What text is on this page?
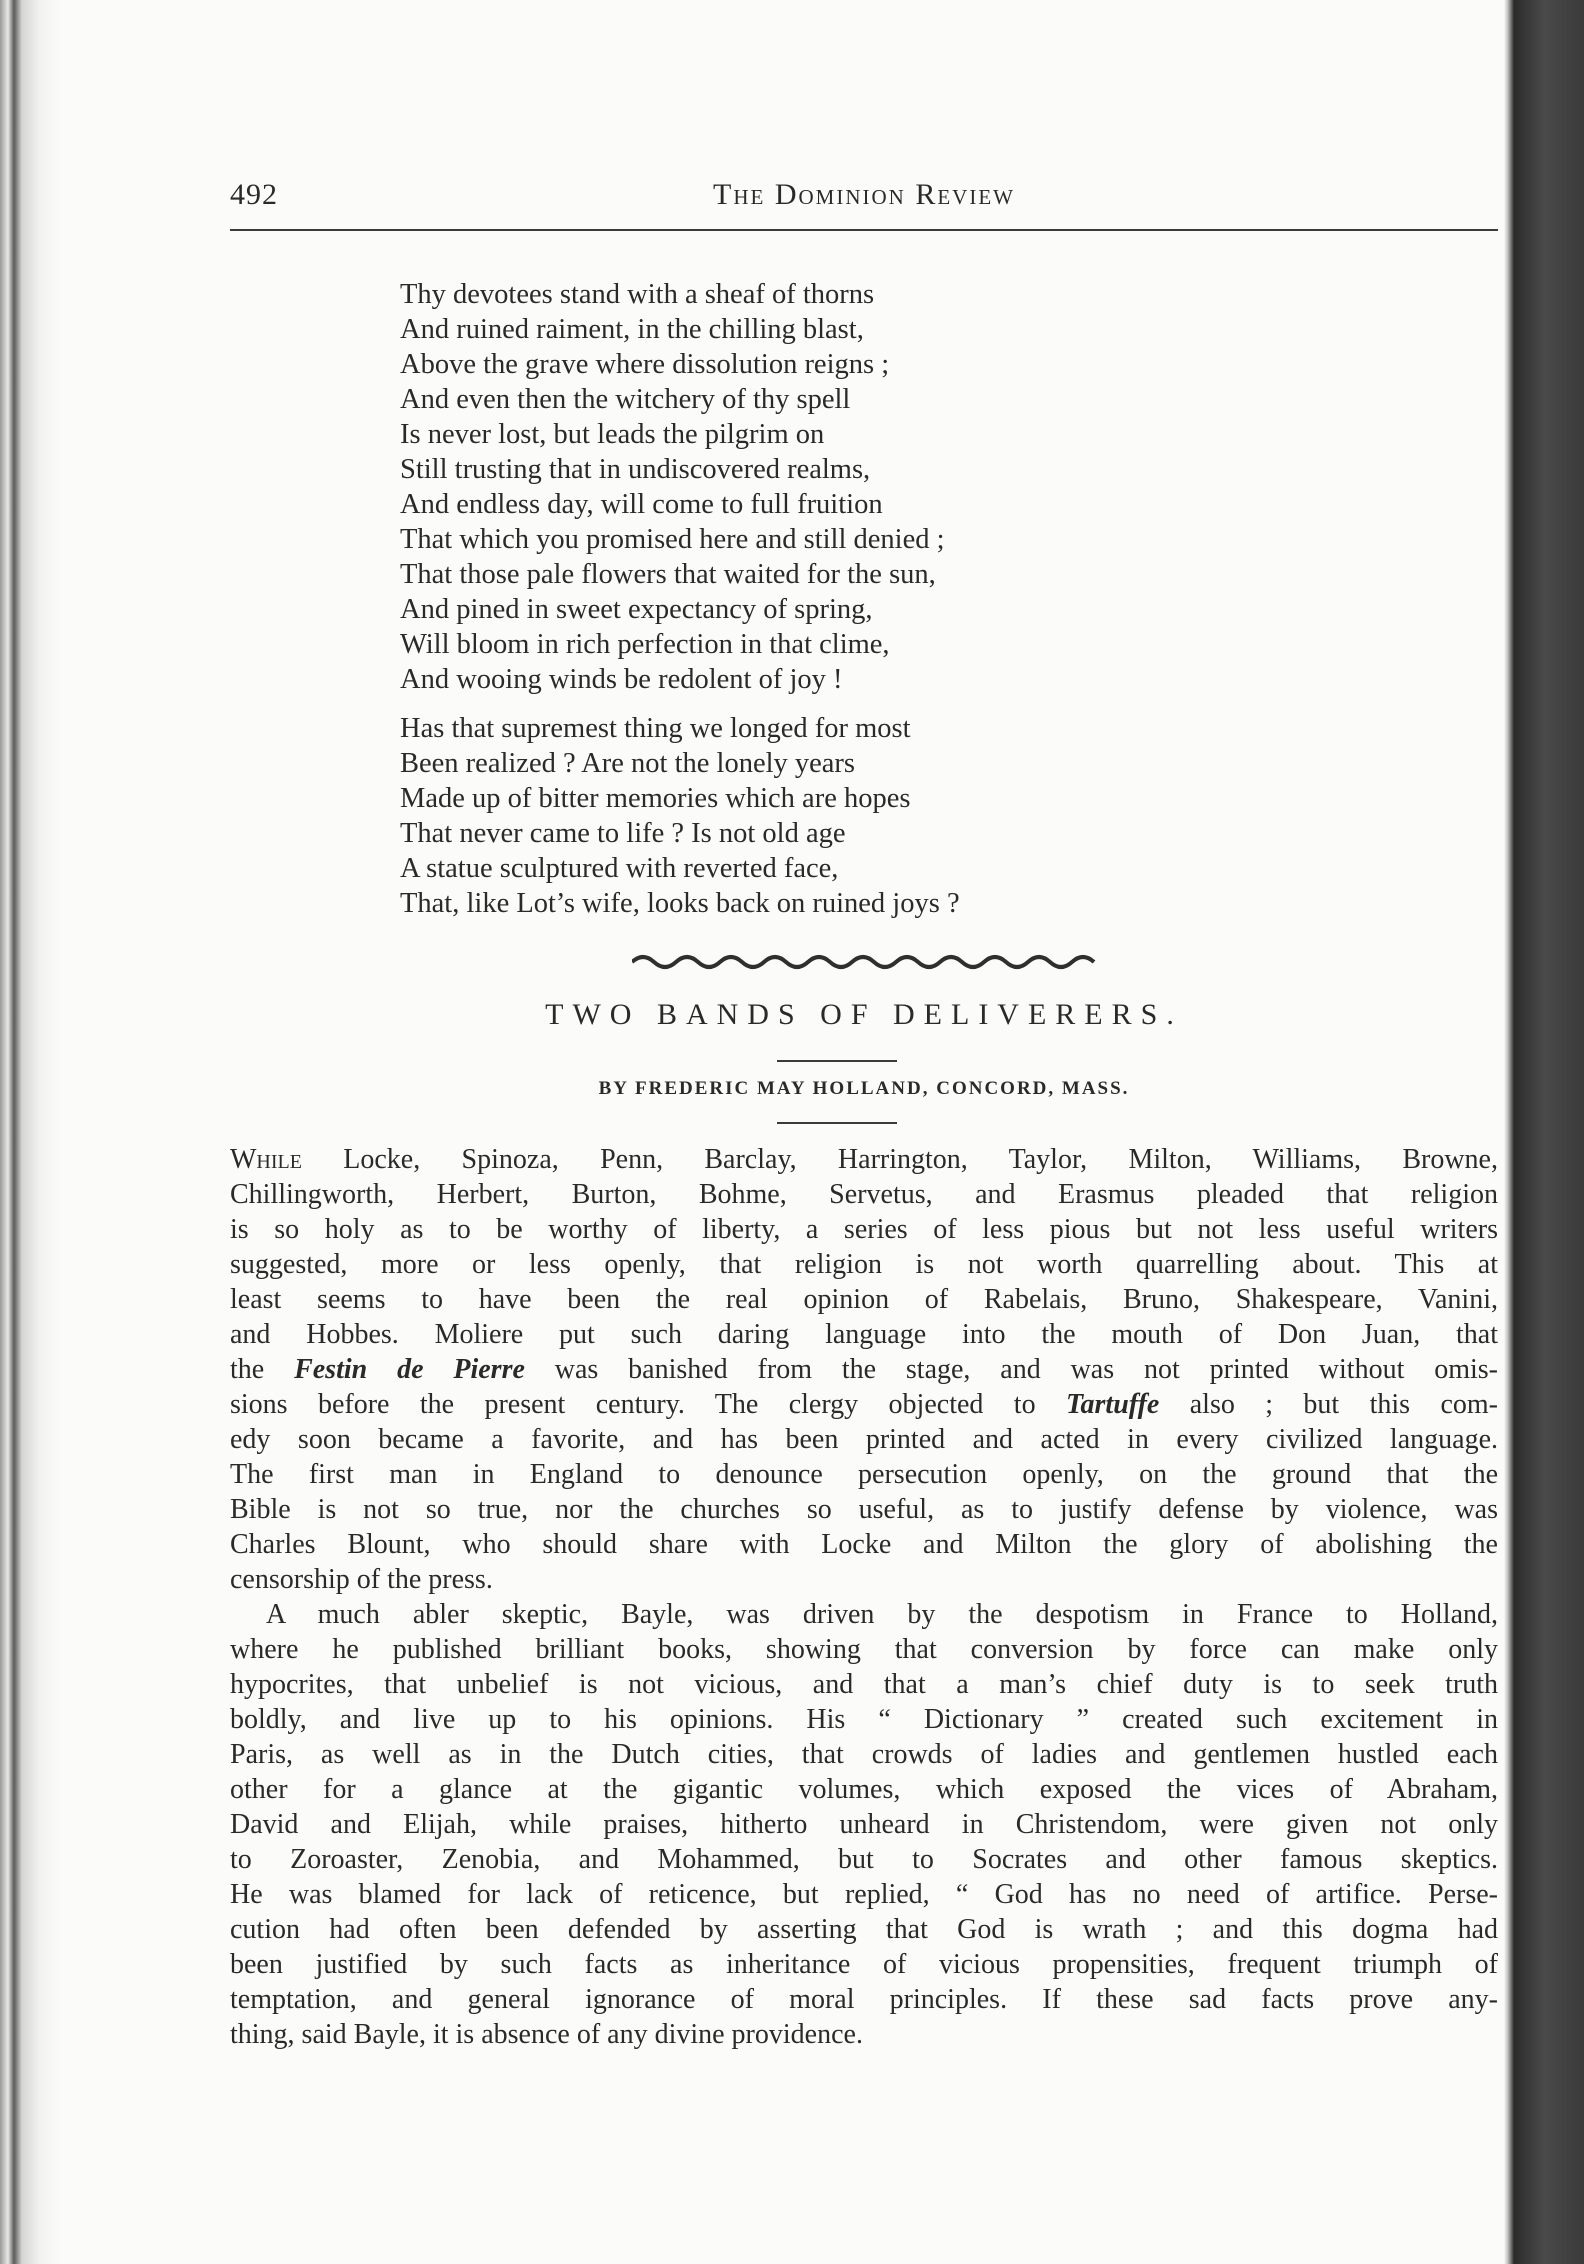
492	The Dominion Review
Thy devotees stand with a sheaf of thorns
And ruined raiment, in the chilling blast,
Above the grave where dissolution reigns ;
And even then the witchery of thy spell
Is never lost, but leads the pilgrim on
Still trusting that in undiscovered realms,
And endless day, will come to full fruition
That which you promised here and still denied ;
That those pale flowers that waited for the sun,
And pined in sweet expectancy of spring,
Will bloom in rich perfection in that clime,
And wooing winds be redolent of joy !
Has that supremest thing we longed for most
Been realized ? Are not the lonely years
Made up of bitter memories which are hopes
That never came to life ? Is not old age
A statue sculptured with reverted face,
That, like Lot’s wife, looks back on ruined joys ?
TWO BANDS OF DELIVERERS.
BY FREDERIC MAY HOLLAND, CONCORD, MASS.
While Locke, Spinoza, Penn, Barclay, Harrington, Taylor, Milton, Williams, Browne,
Chillingworth, Herbert, Burton, Bohme, Servetus, and Erasmus pleaded that religion
is so holy as to be worthy of liberty, a series of less pious but not less useful writers
suggested, more or less openly, that religion is not worth quarrelling about. This at
least seems to have been the real opinion of Rabelais, Bruno, Shakespeare, Vanini,
and Hobbes. Moliere put such daring language into the mouth of Don Juan, that
the Festin de Pierre was banished from the stage, and was not printed without omis-
sions before the present century. The clergy objected to Tartuffe also ; but this com-
edy soon became a favorite, and has been printed and acted in every civilized language.
The first man in England to denounce persecution openly, on the ground that the
Bible is not so true, nor the churches so useful, as to justify defense by violence, was
Charles Blount, who should share with Locke and Milton the glory of abolishing the
censorship of the press.
A much abler skeptic, Bayle, was driven by the despotism in France to Holland,
where he published brilliant books, showing that conversion by force can make only
hypocrites, that unbelief is not vicious, and that a man’s chief duty is to seek truth
boldly, and live up to his opinions. His “ Dictionary ” created such excitement in
Paris, as well as in the Dutch cities, that crowds of ladies and gentlemen hustled each
other for a glance at the gigantic volumes, which exposed the vices of Abraham,
David and Elijah, while praises, hitherto unheard in Christendom, were given not only
to Zoroaster, Zenobia, and Mohammed, but to Socrates and other famous skeptics.
He was blamed for lack of reticence, but replied, “ God has no need of artifice. Perse-
cution had often been defended by asserting that God is wrath ; and this dogma had
been justified by such facts as inheritance of vicious propensities, frequent triumph of
temptation, and general ignorance of moral principles. If these sad facts prove any-
thing, said Bayle, it is absence of any divine providence.
